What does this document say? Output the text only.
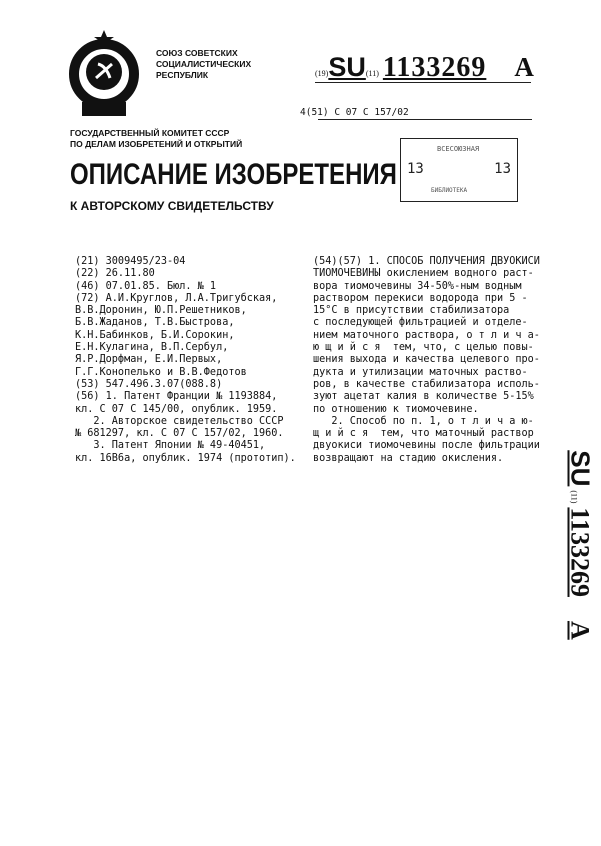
СОЮЗ СОВЕТСКИХ
СОЦИАЛИСТИЧЕСКИХ
РЕСПУБЛИК	(19)SU(11) 1133269 A
4(51) С 07 С 157/02
ГОСУДАРСТВЕННЫЙ КОМИТЕТ СССР
ПО ДЕЛАМ ИЗОБРЕТЕНИЙ И ОТКРЫТИЙ	ВСЕСОЮЗНАЯ
13	13
БИБЛИОТЕКА
ОПИСАНИЕ ИЗОБРЕТЕНИЯ
К АВТОРСКОМУ СВИДЕТЕЛЬСТВУ
(21) 3009495/23-04
(22) 26.11.80
(46) 07.01.85. Бюл. № 1
(72) А.И.Круглов, Л.А.Тригубская,
В.В.Доронин, Ю.П.Решетников,
Б.В.Жаданов, Т.В.Быстрова,
К.Н.Бабинков, Б.И.Сорокин,
Е.Н.Кулагина, В.П.Сербул,
Я.Р.Дорфман, Е.И.Первых,
Г.Г.Конопелько и В.В.Федотов
(53) 547.496.3.07(088.8)
(56) 1. Патент Франции № 1193884,
кл. С 07 С 145/00, опублик. 1959.
2. Авторское свидетельство СССР
№ 681297, кл. С 07 С 157/02, 1960.
3. Патент Японии № 49-40451,
кл. 16В6а, опублик. 1974 (прототип).
(54)(57) 1. СПОСОБ ПОЛУЧЕНИЯ ДВУОКИСИ
ТИОМОЧЕВИНЫ окислением водного раст-
вора тиомочевины 34-50%-ным водным
раствором перекиси водорода при 5 -
15°С в присутствии стабилизатора
с последующей фильтрацией и отделе-
нием маточного раствора, о т л и ч а-
ю щ и й с я  тем, что, с целью повы-
шения выхода и качества целевого про-
дукта и утилизации маточных раство-
ров, в качестве стабилизатора исполь-
зуют ацетат калия в количестве 5-15%
по отношению к тиомочевине.
2. Способ по п. 1, о т л и ч а ю-
щ и й с я  тем, что маточный раствор
двуокиси тиомочевины после фильтрации
возвращают на стадию окисления.	SU (11) 1133269 A
